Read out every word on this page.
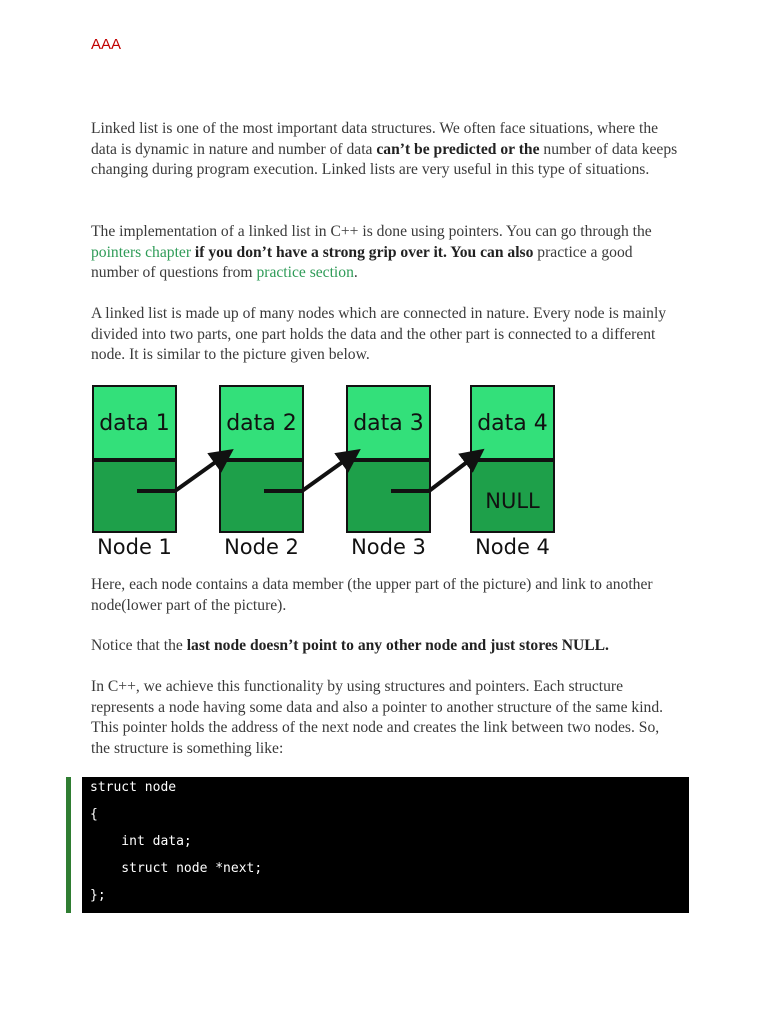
AAA

Linked list is one of the most important data structures. We often face situations, where the data is dynamic in nature and number of data can’t be predicted or the number of data keeps changing during program execution. Linked lists are very useful in this type of situations.

The implementation of a linked list in C++ is done using pointers. You can go through the pointers chapter if you don’t have a strong grip over it. You can also practice a good number of questions from practice section.

A linked list is made up of many nodes which are connected in nature. Every node is mainly divided into two parts, one part holds the data and the other part is connected to a different node. It is similar to the picture given below.

data 1
Node 1
data 2
Node 2
data 3
Node 3
data 4
NULL
Node 4

Here, each node contains a data member (the upper part of the picture) and link to another node(lower part of the picture).

Notice that the last node doesn’t point to any other node and just stores NULL.

In C++, we achieve this functionality by using structures and pointers. Each structure represents a node having some data and also a pointer to another structure of the same kind. This pointer holds the address of the next node and creates the link between two nodes. So, the structure is something like:

struct node
{
int data;
struct node *next;
};
